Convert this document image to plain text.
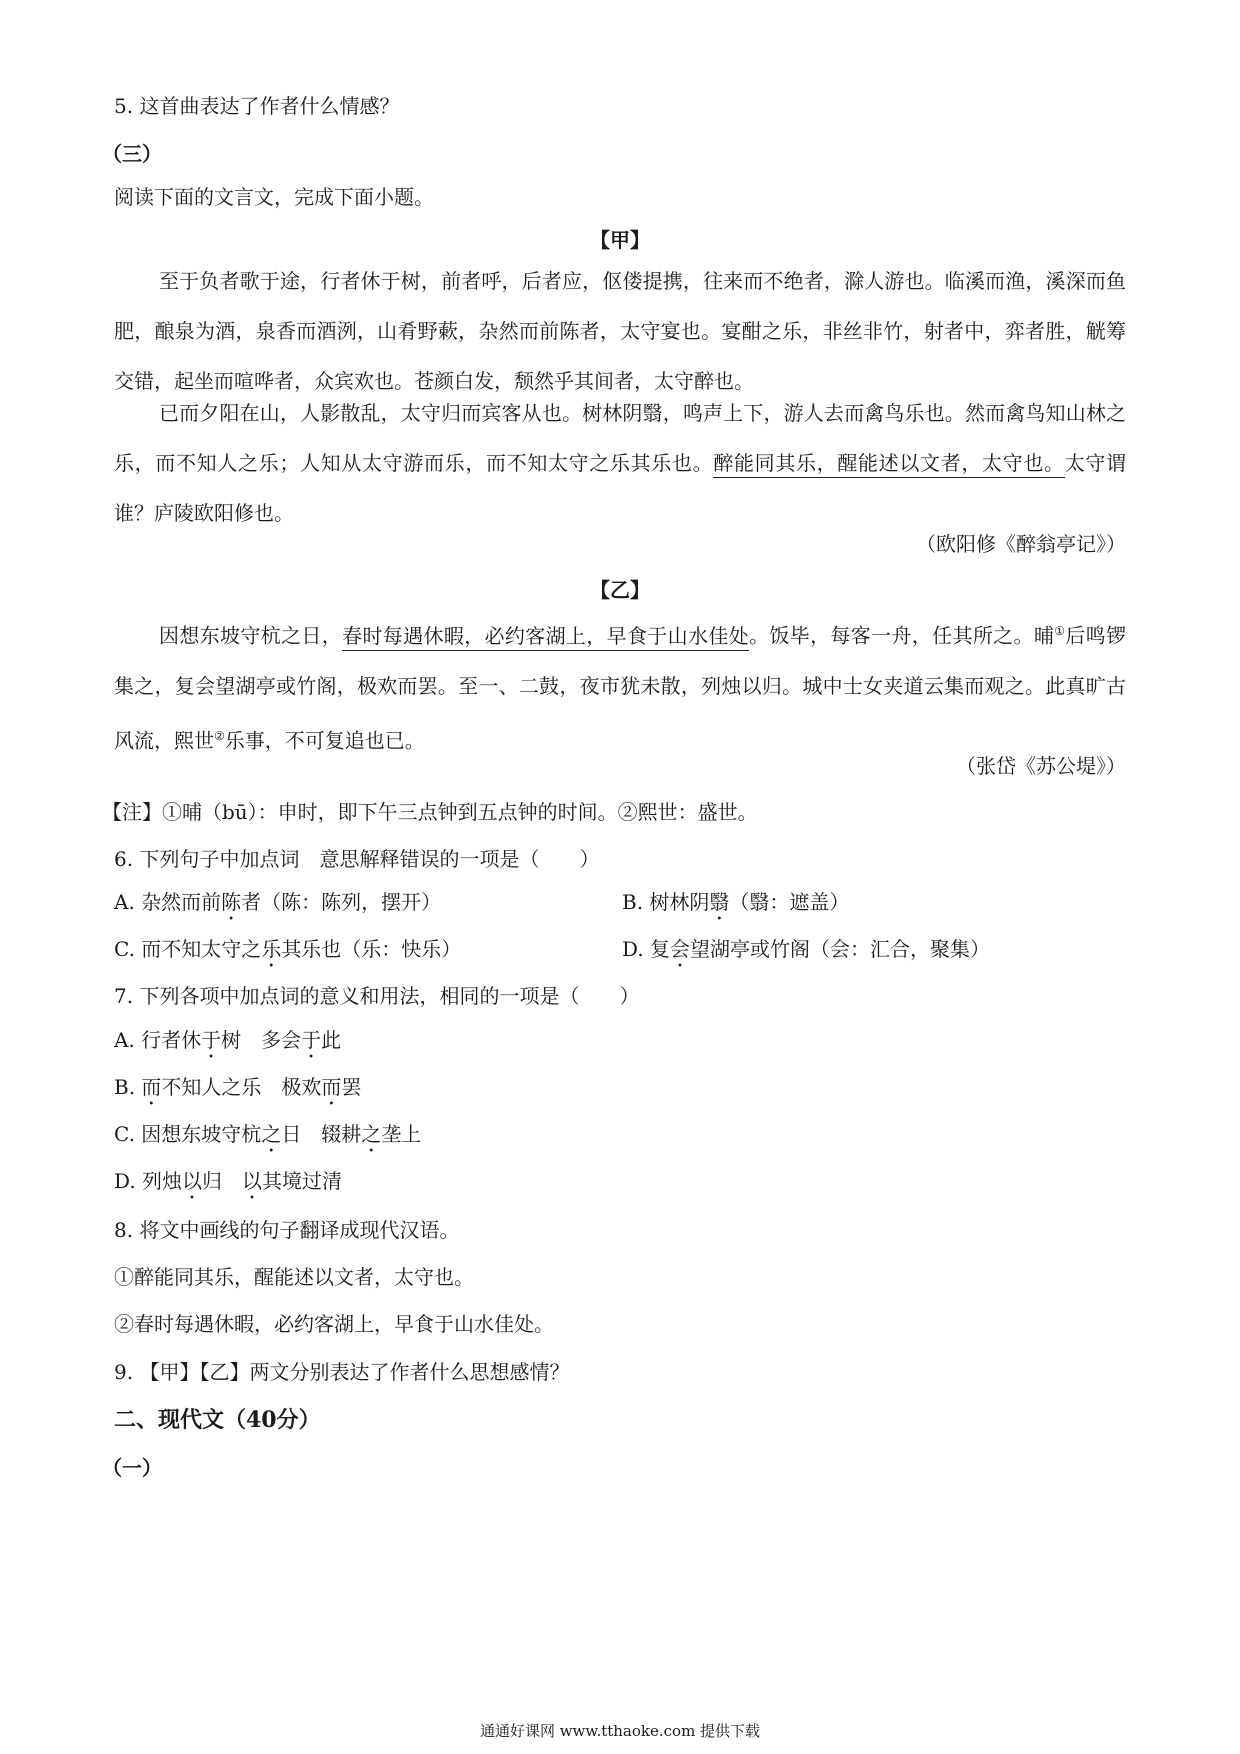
5. 这首曲表达了作者什么情感？
（三）
阅读下面的文言文，完成下面小题。
【甲】
至于负者歌于途，行者休于树，前者呼，后者应，伛偻提携，往来而不绝者，滁人游也。临溪而渔，溪深而鱼肥，酿泉为酒，泉香而酒洌，山肴野蔌，杂然而前陈者，太守宴也。宴酣之乐，非丝非竹，射者中，弈者胜，觥筹交错，起坐而喧哗者，众宾欢也。苍颜白发，颓然乎其间者，太守醉也。
已而夕阳在山，人影散乱，太守归而宾客从也。树林阴翳，鸣声上下，游人去而禽鸟乐也。然而禽鸟知山林之乐，而不知人之乐；人知从太守游而乐，而不知太守之乐其乐也。醉能同其乐，醒能述以文者，太守也。太守谓谁？庐陵欧阳修也。
（欧阳修《醉翁亭记》）
【乙】
因想东坡守杭之日，春时每遇休暇，必约客湖上，早食于山水佳处。饭毕，每客一舟，任其所之。晡①后鸣锣集之，复会望湖亭或竹阁，极欢而罢。至一、二鼓，夜市犹未散，列烛以归。城中士女夹道云集而观之。此真旷古风流，熙世②乐事，不可复追也已。
（张岱《苏公堤》）
【注】①晡（bū）：申时，即下午三点钟到五点钟的时间。②熙世：盛世。
6. 下列句子中加点词　意思解释错误的一项是（　　）
A. 杂然而前陈者（陈：陈列，摆开）	B. 树林阴翳（翳：遮盖）
C. 而不知太守之乐其乐也（乐：快乐）	D. 复会望湖亭或竹阁（会：汇合，聚集）
7. 下列各项中加点词的意义和用法，相同的一项是（　　）
A. 行者休于树　多会于此
B. 而不知人之乐　极欢而罢
C. 因想东坡守杭之日　辍耕之垄上
D. 列烛以归　以其境过清
8. 将文中画线的句子翻译成现代汉语。
①醉能同其乐，醒能述以文者，太守也。
②春时每遇休暇，必约客湖上，早食于山水佳处。
9. 【甲】【乙】两文分别表达了作者什么思想感情？
二、现代文（40分）
（一）
通通好课网 www.tthaoke.com 提供下载
